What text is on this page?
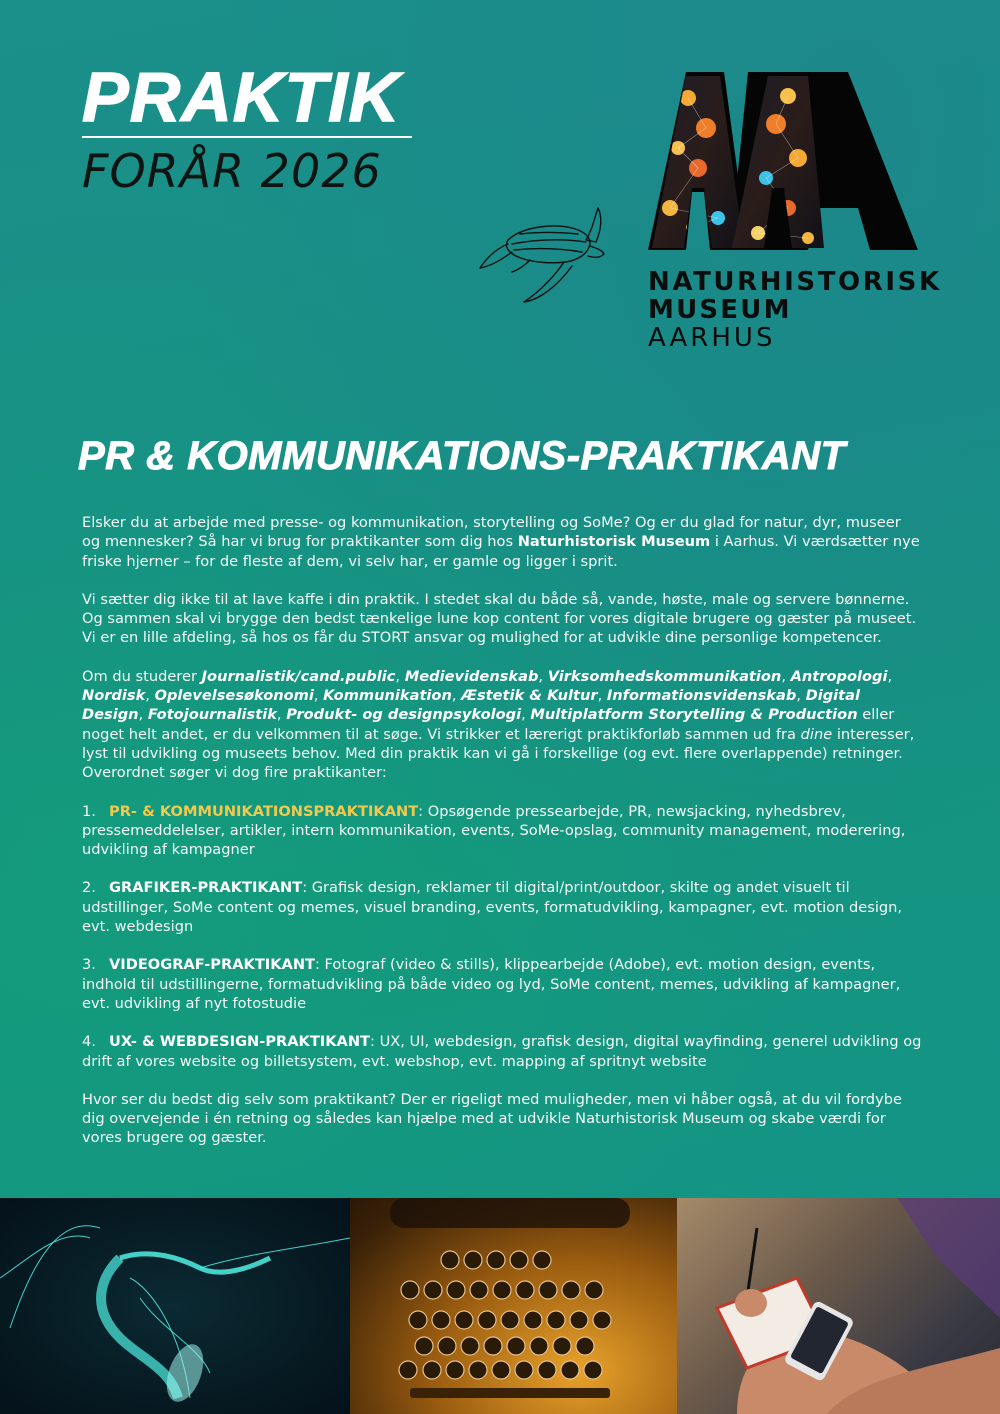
PRAKTIK
FORÅR 2026
NATURHISTORISK
MUSEUM AARHUS
PR & KOMMUNIKATIONS-PRAKTIKANT

Elsker du at arbejde med presse- og kommunikation, storytelling og SoMe? Og er du glad for natur, dyr, museer og mennesker? Så har vi brug for praktikanter som dig hos Naturhistorisk Museum i Aarhus. Vi værdsætter nye friske hjerner – for de fleste af dem, vi selv har, er gamle og ligger i sprit.

Vi sætter dig ikke til at lave kaffe i din praktik. I stedet skal du både så, vande, høste, male og servere bønnerne. Og sammen skal vi brygge den bedst tænkelige lune kop content for vores digitale brugere og gæster på museet. Vi er en lille afdeling, så hos os får du STORT ansvar og mulighed for at udvikle dine personlige kompetencer.

Om du studerer Journalistik/cand.public, Medievidenskab, Virksomhedskommunikation, Antropologi, Nordisk, Oplevelsesøkonomi, Kommunikation, Æstetik & Kultur, Informationsvidenskab, Digital Design, Fotojournalistik, Produkt- og designpsykologi, Multiplatform Storytelling & Production eller noget helt andet, er du velkommen til at søge. Vi strikker et lærerigt praktikforløb sammen ud fra dine interesser, lyst til udvikling og museets behov. Med din praktik kan vi gå i forskellige (og evt. flere overlappende) retninger. Overordnet søger vi dog fire praktikanter:

1. PR- & KOMMUNIKATIONSPRAKTIKANT: Opsøgende pressearbejde, PR, newsjacking, nyhedsbrev, pressemeddelelser, artikler, intern kommunikation, events, SoMe-opslag, community management, moderering, udvikling af kampagner
2. GRAFIKER-PRAKTIKANT: Grafisk design, reklamer til digital/print/outdoor, skilte og andet visuelt til udstillinger, SoMe content og memes, visuel branding, events, formatudvikling, kampagner, evt. motion design, evt. webdesign
3. VIDEOGRAF-PRAKTIKANT: Fotograf (video & stills), klippearbejde (Adobe), evt. motion design, events, indhold til udstillingerne, formatudvikling på både video og lyd, SoMe content, memes, udvikling af kampagner, evt. udvikling af nyt fotostudie
4. UX- & WEBDESIGN-PRAKTIKANT: UX, UI, webdesign, grafisk design, digital wayfinding, generel udvikling og drift af vores website og billetsystem, evt. webshop, evt. mapping af spritnyt website

Hvor ser du bedst dig selv som praktikant? Der er rigeligt med muligheder, men vi håber også, at du vil fordybe dig overvejende i én retning og således kan hjælpe med at udvikle Naturhistorisk Museum og skabe værdi for vores brugere og gæster.
